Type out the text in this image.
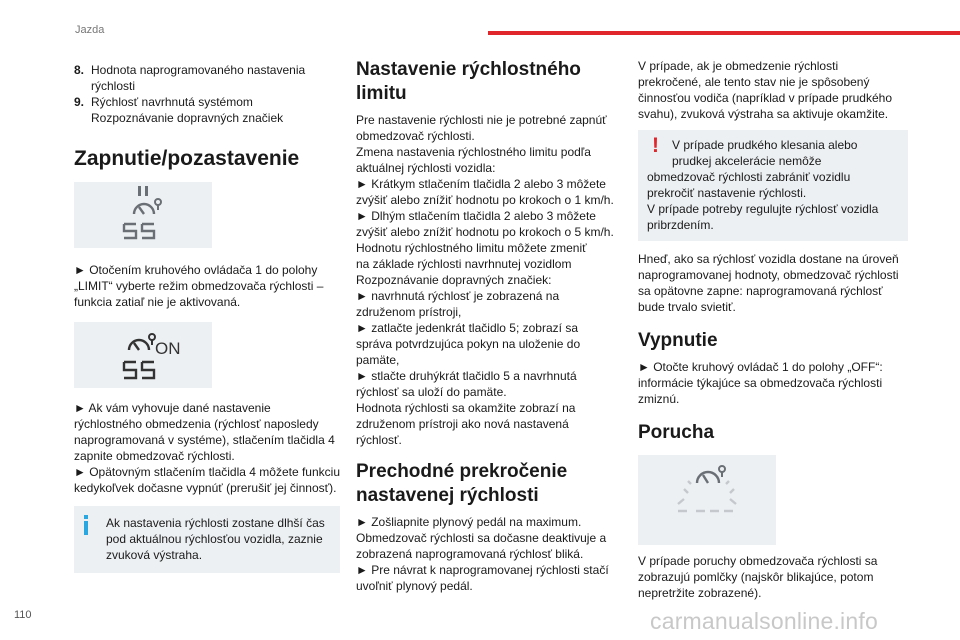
Jazda
8. Hodnota naprogramovaného nastavenia
rýchlosti
9. Rýchlosť navrhnutá systémom
Rozpoznávanie dopravných značiek
Zapnutie/pozastavenie

► Otočením kruhového ovládača 1 do polohy „LIMIT“ vyberte režim obmedzovača rýchlosti – funkcia zatiaľ nie je aktivovaná.

ON

► Ak vám vyhovuje dané nastavenie rýchlostného obmedzenia (rýchlosť naposledy naprogramovaná v systéme), stlačením tlačidla 4 zapnite obmedzovač rýchlosti.

► Opätovným stlačením tlačidla 4 môžete funkciu kedykoľvek dočasne vypnúť (prerušiť jej činnosť).

Ak nastavenia rýchlosti zostane dlhší čas pod aktuálnou rýchlosťou vozidla, zaznie zvuková výstraha.

Nastavenie rýchlostného
limitu
Pre nastavenie rýchlosti nie je potrebné zapnúť
obmedzovač rýchlosti.
Zmena nastavenia rýchlostného limitu podľa
aktuálnej rýchlosti vozidla:
► Krátkym stlačením tlačidla 2 alebo 3 môžete
zvýšiť alebo znížiť hodnotu po krokoch o 1 km/h.
► Dlhým stlačením tlačidla 2 alebo 3 môžete
zvýšiť alebo znížiť hodnotu po krokoch o 5 km/h.
Hodnotu rýchlostného limitu môžete zmeniť
na základe rýchlosti navrhnutej vozidlom
Rozpoznávanie dopravných značiek:
► navrhnutá rýchlosť je zobrazená na
združenom prístroji,
► zatlačte jedenkrát tlačidlo 5; zobrazí sa
správa potvrdzujúca pokyn na uloženie do
pamäte,
► stlačte druhýkrát tlačidlo 5 a navrhnutá
rýchlosť sa uloží do pamäte.
Hodnota rýchlosti sa okamžite zobrazí na
združenom prístroji ako nová nastavená
rýchlosť.
Prechodné prekročenie
nastavenej rýchlosti
► Zošliapnite plynový pedál na maximum.
Obmedzovač rýchlosti sa dočasne deaktivuje a
zobrazená naprogramovaná rýchlosť bliká.
► Pre návrat k naprogramovanej rýchlosti stačí
uvoľniť plynový pedál.
V prípade, ak je obmedzenie rýchlosti
prekročené, ale tento stav nie je spôsobený
činnosťou vodiča (napríklad v prípade prudkého
svahu), zvuková výstraha sa aktivuje okamžite.
!	V prípade prudkého klesania alebo
prudkej akcelerácie nemôže
obmedzovač rýchlosti zabrániť vozidlu
prekročiť nastavenie rýchlosti.
V prípade potreby regulujte rýchlosť vozidla
pribrzdením.
Hneď, ako sa rýchlosť vozidla dostane na úroveň
naprogramovanej hodnoty, obmedzovač rýchlosti
sa opätovne zapne: naprogramovaná rýchlosť
bude trvalo svietiť.
Vypnutie
► Otočte kruhový ovládač 1 do polohy „OFF“:
informácie týkajúce sa obmedzovača rýchlosti
zmiznú.
Porucha
V prípade poruchy obmedzovača rýchlosti sa
zobrazujú pomlčky (najskôr blikajúce, potom
nepretržite zobrazené).
110	carmanualsonline.info
